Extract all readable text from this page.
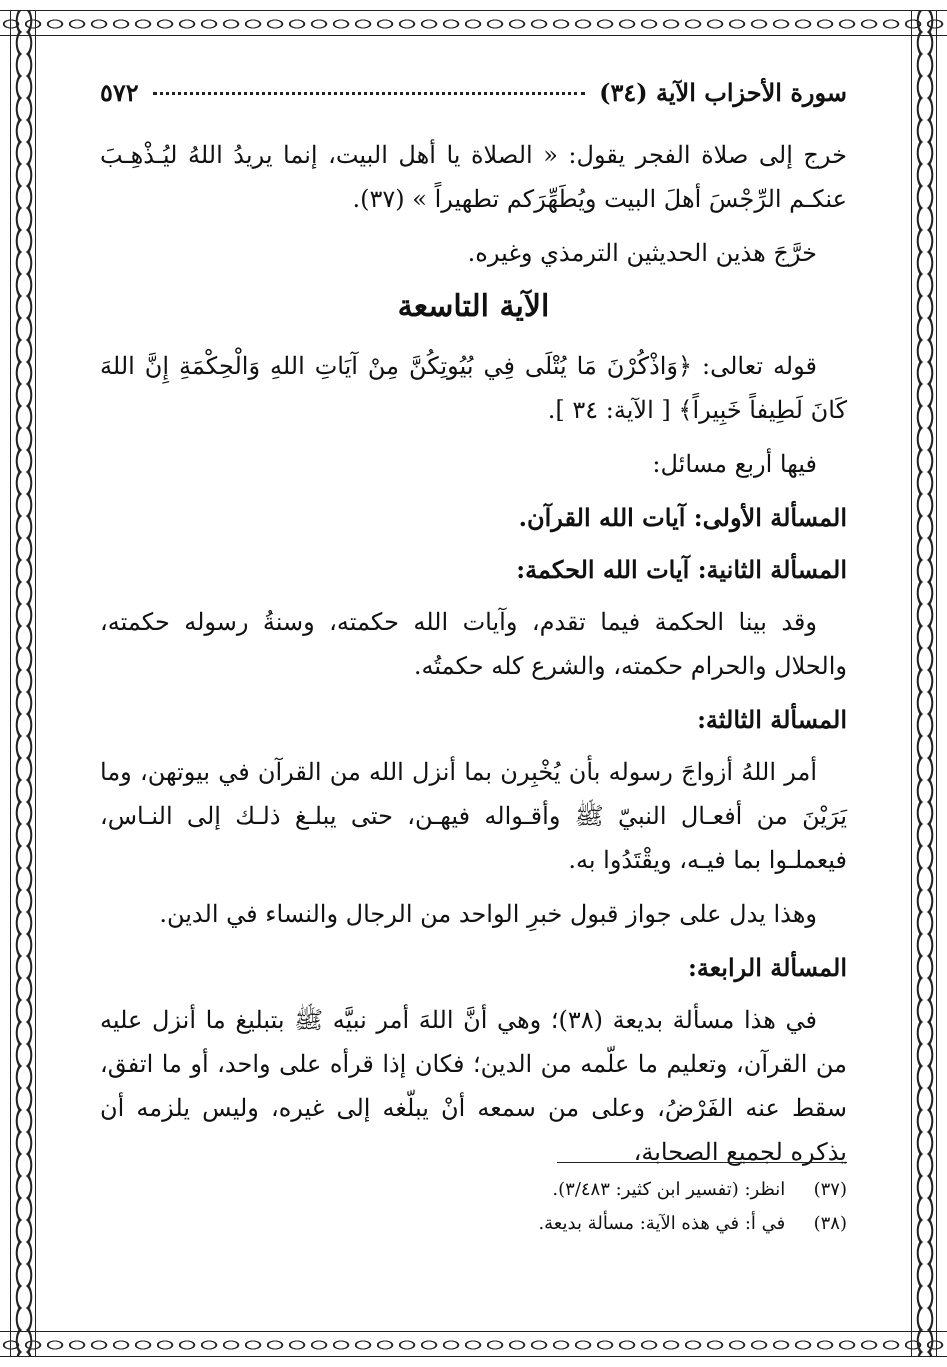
سورة الأحزاب الآية (٣٤)
٥٧٢

خرج إلى صلاة الفجر يقول: « الصلاة يا أهل البيت، إنما يريدُ اللهُ ليُـذْهِـبَ عنكـم الرِّجْسَ أهلَ البيت ويُطَهِّرَكم تطهيراً » (٣٧).

خرَّجَ هذين الحديثين الترمذي وغيره.

الآية التاسعة

قوله تعالى: ﴿وَاذْكُرْنَ مَا يُتْلَى فِي بُيُوتِكُنَّ مِنْ آيَاتِ اللهِ وَالْحِكْمَةِ إِنَّ اللهَ كَانَ لَطِيفاً خَبِيراً﴾ [ الآية: ٣٤ ].

فيها أربع مسائل:

المسألة الأولى: آيات الله القرآن.
المسألة الثانية: آيات الله الحكمة:

وقد بينا الحكمة فيما تقدم، وآيات الله حكمته، وسنةُ رسوله حكمته، والحلال والحرام حكمته، والشرع كله حكمتُه.

المسألة الثالثة:

أمر اللهُ أزواجَ رسوله بأن يُخْبِرن بما أنزل الله من القرآن في بيوتهن، وما يَرَيْنَ من أفعـال النبيّ ﷺ وأقـواله فيهـن، حتى يبلـغ ذلـك إلى النـاس، فيعملـوا بما فيـه، ويقْتَدُوا به.

وهذا يدل على جواز قبول خبرِ الواحد من الرجال والنساء في الدين.

المسألة الرابعة:

في هذا مسألة بديعة (٣٨)؛ وهي أنَّ اللهَ أمر نبيَّه ﷺ بتبليغ ما أنزل عليه من القرآن، وتعليم ما علّمه من الدين؛ فكان إذا قرأه على واحد، أو ما اتفق، سقط عنه الفَرْضُ، وعلى من سمعه أنْ يبلّغه إلى غيره، وليس يلزمه أن يذكره لجميع الصحابة،

(٣٧) انظر: (تفسير ابن كثير: ٣/٤٨٣).

(٣٨) في أ: في هذه الآية: مسألة بديعة.
